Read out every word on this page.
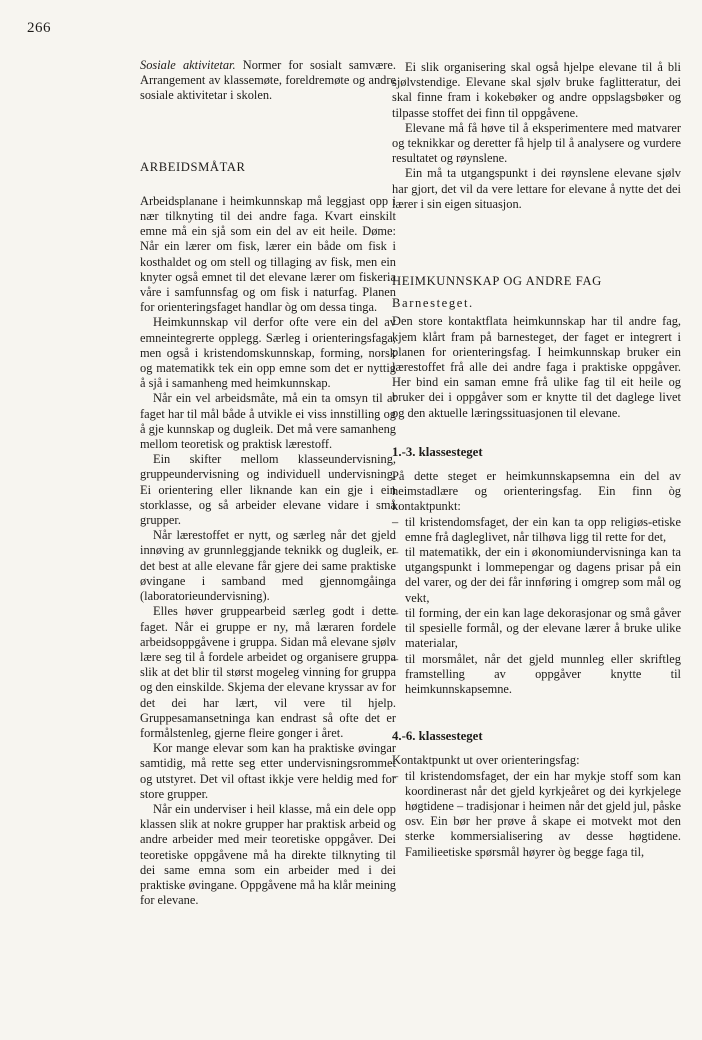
266

Sosiale aktivitetar. Normer for sosialt samvære. Arrangement av klassemøte, foreldremøte og andre sosiale aktivitetar i skolen.

ARBEIDSMÅTAR

Arbeidsplanane i heimkunnskap må leggjast opp i nær tilknyting til dei andre faga. Kvart einskilt emne må ein sjå som ein del av eit heile. Døme: Når ein lærer om fisk, lærer ein både om fisk i kosthaldet og om stell og tillaging av fisk, men ein knyter også emnet til det elevane lærer om fiskeria våre i samfunnsfag og om fisk i naturfag. Planen for orienteringsfaget handlar òg om dessa tinga.

Heimkunnskap vil derfor ofte vere ein del av emneintegrerte opplegg. Særleg i orienteringsfaga, men også i kristendomskunnskap, forming, norsk og matematikk tek ein opp emne som det er nyttig å sjå i samanheng med heimkunnskap.

Når ein vel arbeidsmåte, må ein ta omsyn til at faget har til mål både å utvikle ei viss innstilling og å gje kunnskap og dugleik. Det må vere samanheng mellom teoretisk og praktisk lærestoff.

Ein skifter mellom klasseundervisning, gruppeundervisning og individuell undervisning. Ei orientering eller liknande kan ein gje i ein storklasse, og så arbeider elevane vidare i små grupper.

Når lærestoffet er nytt, og særleg når det gjeld innøving av grunnleggjande teknikk og dugleik, er det best at alle elevane får gjere dei same praktiske øvingane i samband med gjennomgåinga (laboratorieundervisning).

Elles høver gruppearbeid særleg godt i dette faget. Når ei gruppe er ny, må læraren fordele arbeidsoppgåvene i gruppa. Sidan må elevane sjølv lære seg til å fordele arbeidet og organisere gruppa slik at det blir til størst mogeleg vinning for gruppa og den einskilde. Skjema der elevane kryssar av for det dei har lært, vil vere til hjelp. Gruppesamansetninga kan endrast så ofte det er formålstenleg, gjerne fleire gonger i året.

Kor mange elevar som kan ha praktiske øvingar samtidig, må rette seg etter undervisningsrommet og utstyret. Det vil oftast ikkje vere heldig med for store grupper.

Når ein underviser i heil klasse, må ein dele opp klassen slik at nokre grupper har praktisk arbeid og andre arbeider med meir teoretiske oppgåver. Dei teoretiske oppgåvene må ha direkte tilknyting til dei same emna som ein arbeider med i dei praktiske øvingane. Oppgåvene må ha klår meining for elevane.

Ei slik organisering skal også hjelpe elevane til å bli sjølvstendige. Elevane skal sjølv bruke faglitteratur, dei skal finne fram i kokebøker og andre oppslagsbøker og tilpasse stoffet dei finn til oppgåvene.

Elevane må få høve til å eksperimentere med matvarer og teknikkar og deretter få hjelp til å analysere og vurdere resultatet og røynslene.

Ein må ta utgangspunkt i dei røynslene elevane sjølv har gjort, det vil da vere lettare for elevane å nytte det dei lærer i sin eigen situasjon.

HEIMKUNNSKAP OG ANDRE FAG

Barnesteget.

Den store kontaktflata heimkunnskap har til andre fag, kjem klårt fram på barnesteget, der faget er integrert i planen for orienteringsfag. I heimkunnskap bruker ein lærestoffet frå alle dei andre faga i praktiske oppgåver. Her bind ein saman emne frå ulike fag til eit heile og bruker dei i oppgåver som er knytte til det daglege livet og den aktuelle læringssituasjonen til elevane.

1.-3. klassesteget

På dette steget er heimkunnskapsemna ein del av heimstadlære og orienteringsfag. Ein finn òg kontaktpunkt:

– til kristendomsfaget, der ein kan ta opp religiøs-etiske emne frå dagleglivet, når tilhøva ligg til rette for det,
– til matematikk, der ein i økonomiundervisninga kan ta utgangspunkt i lommepengar og dagens prisar på ein del varer, og der dei får innføring i omgrep som mål og vekt,
– til forming, der ein kan lage dekorasjonar og små gåver til spesielle formål, og der elevane lærer å bruke ulike materialar,
– til morsmålet, når det gjeld munnleg eller skriftleg framstelling av oppgåver knytte til heimkunnskapsemne.
4.-6. klassesteget

Kontaktpunkt ut over orienteringsfag:

– til kristendomsfaget, der ein har mykje stoff som kan koordinerast når det gjeld kyrkjeåret og dei kyrkjelege høgtidene – tradisjonar i heimen når det gjeld jul, påske osv. Ein bør her prøve å skape ei motvekt mot den sterke kommersialisering av desse høgtidene. Familieetiske spørsmål høyrer òg begge faga til,
